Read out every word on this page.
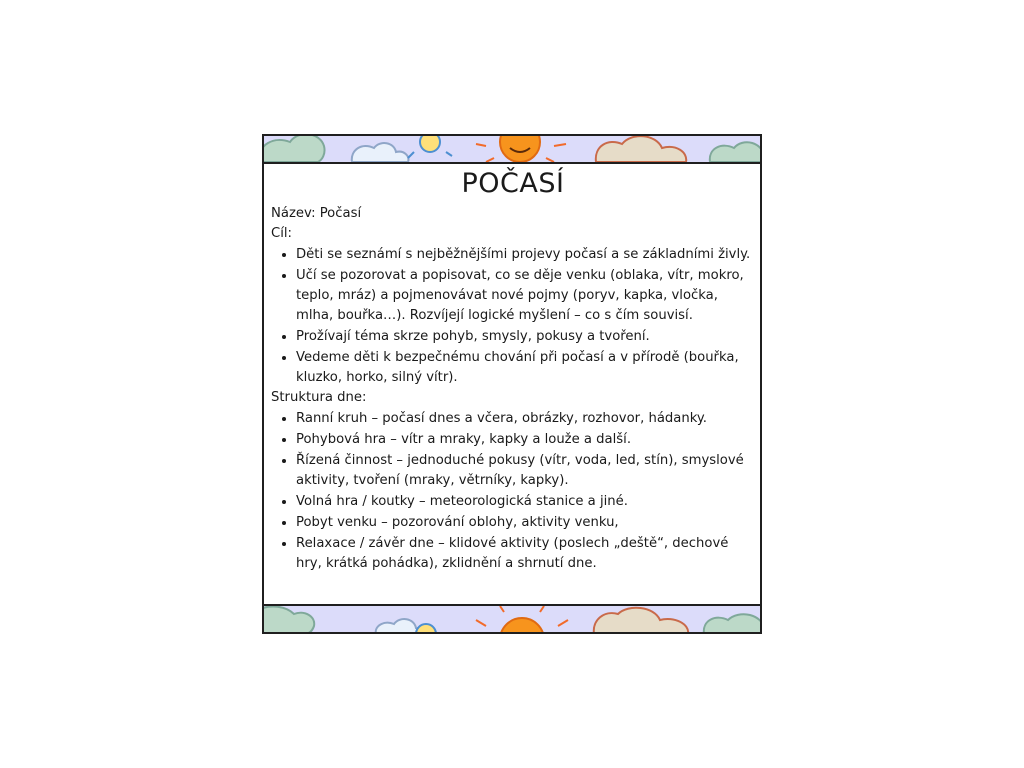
POČASÍ

Název: Počasí

Cíl:

• Děti se seznámí s nejběžnějšími projevy počasí a se základními živly.
• Učí se pozorovat a popisovat, co se děje venku (oblaka, vítr, mokro, teplo, mráz) a pojmenovávat nové pojmy (poryv, kapka, vločka, mlha, bouřka…). Rozvíjejí logické myšlení – co s čím souvisí.
• Prožívají téma skrze pohyb, smysly, pokusy a tvoření.
• Vedeme děti k bezpečnému chování při počasí a v přírodě (bouřka, kluzko, horko, silný vítr).

Struktura dne:

• Ranní kruh – počasí dnes a včera, obrázky, rozhovor, hádanky.
• Pohybová hra – vítr a mraky, kapky a louže a další.
• Řízená činnost – jednoduché pokusy (vítr, voda, led, stín), smyslové aktivity, tvoření (mraky, větrníky, kapky).
• Volná hra / koutky – meteorologická stanice a jiné.
• Pobyt venku – pozorování oblohy, aktivity venku,
• Relaxace / závěr dne – klidové aktivity (poslech „deště“, dechové hry, krátká pohádka), zklidnění a shrnutí dne.
